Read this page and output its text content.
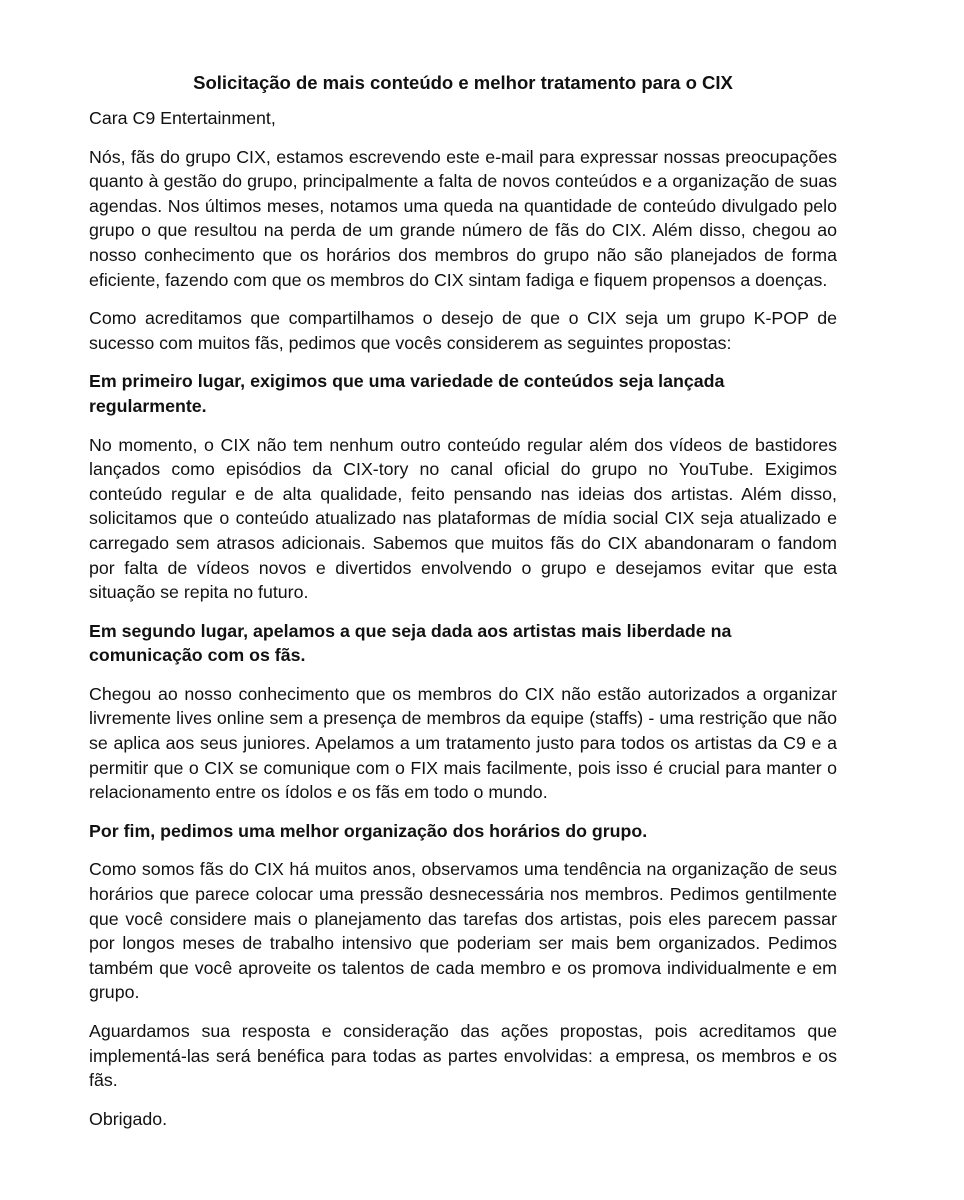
Solicitação de mais conteúdo e melhor tratamento para o CIX

Cara C9 Entertainment,

Nós, fãs do grupo CIX, estamos escrevendo este e-mail para expressar nossas preocupações quanto à gestão do grupo, principalmente a falta de novos conteúdos e a organização de suas agendas. Nos últimos meses, notamos uma queda na quantidade de conteúdo divulgado pelo grupo o que resultou na perda de um grande número de fãs do CIX. Além disso, chegou ao nosso conhecimento que os horários dos membros do grupo não são planejados de forma eficiente, fazendo com que os membros do CIX sintam fadiga e fiquem propensos a doenças.

Como acreditamos que compartilhamos o desejo de que o CIX seja um grupo K-POP de sucesso com muitos fãs, pedimos que vocês considerem as seguintes propostas:

Em primeiro lugar, exigimos que uma variedade de conteúdos seja lançada regularmente.

No momento, o CIX não tem nenhum outro conteúdo regular além dos vídeos de bastidores lançados como episódios da CIX-tory no canal oficial do grupo no YouTube. Exigimos conteúdo regular e de alta qualidade, feito pensando nas ideias dos artistas. Além disso, solicitamos que o conteúdo atualizado nas plataformas de mídia social CIX seja atualizado e carregado sem atrasos adicionais. Sabemos que muitos fãs do CIX abandonaram o fandom por falta de vídeos novos e divertidos envolvendo o grupo e desejamos evitar que esta situação se repita no futuro.

Em segundo lugar, apelamos a que seja dada aos artistas mais liberdade na comunicação com os fãs.

Chegou ao nosso conhecimento que os membros do CIX não estão autorizados a organizar livremente lives online sem a presença de membros da equipe (staffs) - uma restrição que não se aplica aos seus juniores. Apelamos a um tratamento justo para todos os artistas da C9 e a permitir que o CIX se comunique com o FIX mais facilmente, pois isso é crucial para manter o relacionamento entre os ídolos e os fãs em todo o mundo.

Por fim, pedimos uma melhor organização dos horários do grupo.

Como somos fãs do CIX há muitos anos, observamos uma tendência na organização de seus horários que parece colocar uma pressão desnecessária nos membros. Pedimos gentilmente que você considere mais o planejamento das tarefas dos artistas, pois eles parecem passar por longos meses de trabalho intensivo que poderiam ser mais bem organizados. Pedimos também que você aproveite os talentos de cada membro e os promova individualmente e em grupo.

Aguardamos sua resposta e consideração das ações propostas, pois acreditamos que implementá-las será benéfica para todas as partes envolvidas: a empresa, os membros e os fãs.

Obrigado.
